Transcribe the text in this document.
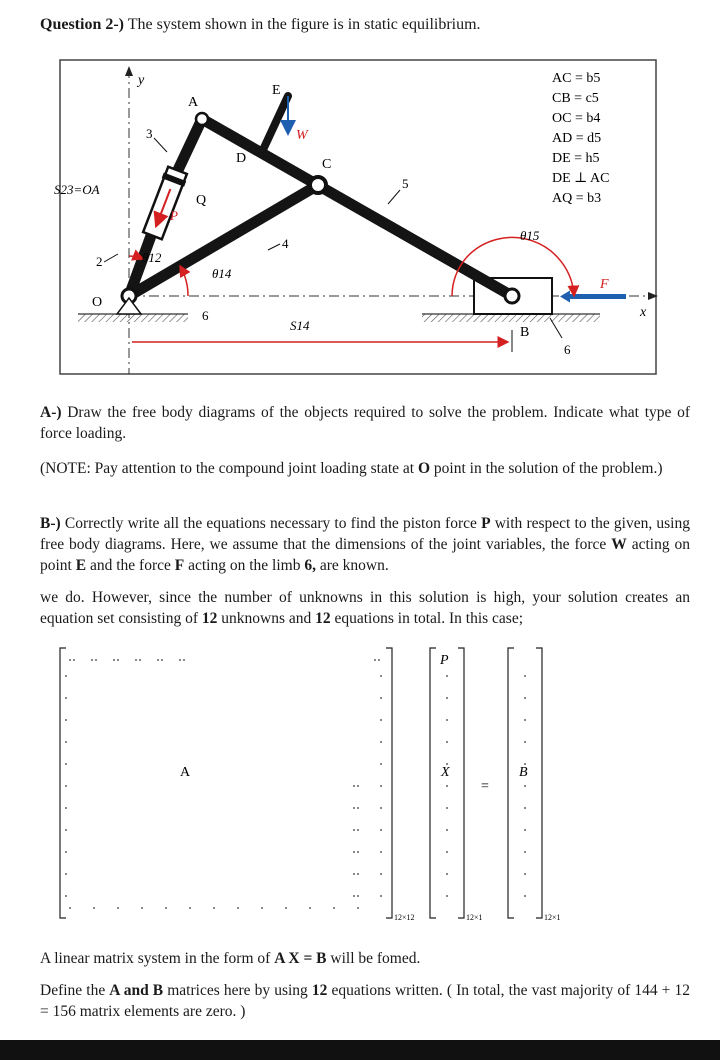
Question 2-) The system shown in the figure is in static equilibrium.
y
x
W
F
A
E
D	C
Q
O
B
P
3
2
4
5
6
6
θ12
θ14
θ15
S23=OA
S14
AC = b5
CB = c5
OC = b4
AD = d5
DE = h5
DE ⊥ AC
AQ = b3
A-) Draw the free body diagrams of the objects required to solve the problem. Indicate what type of force loading.
(NOTE: Pay attention to the compound joint loading state at O point in the solution of the problem.)
B-) Correctly write all the equations necessary to find the piston force P with respect to the given, using free body diagrams. Here, we assume that the dimensions of the joint variables, the force W acting on point E and the force F acting on the limb 6, are known.
we do. However, since the number of unknowns in this solution is high, your solution creates an equation set consisting of 12 unknowns and 12 equations in total. In this case;
A
P
X	B
=
12×12	12×1	12×1
A linear matrix system in the form of A X = B will be fomed.
Define the A and B matrices here by using 12 equations written. ( In total, the vast majority of 144 + 12 = 156 matrix elements are zero. )
